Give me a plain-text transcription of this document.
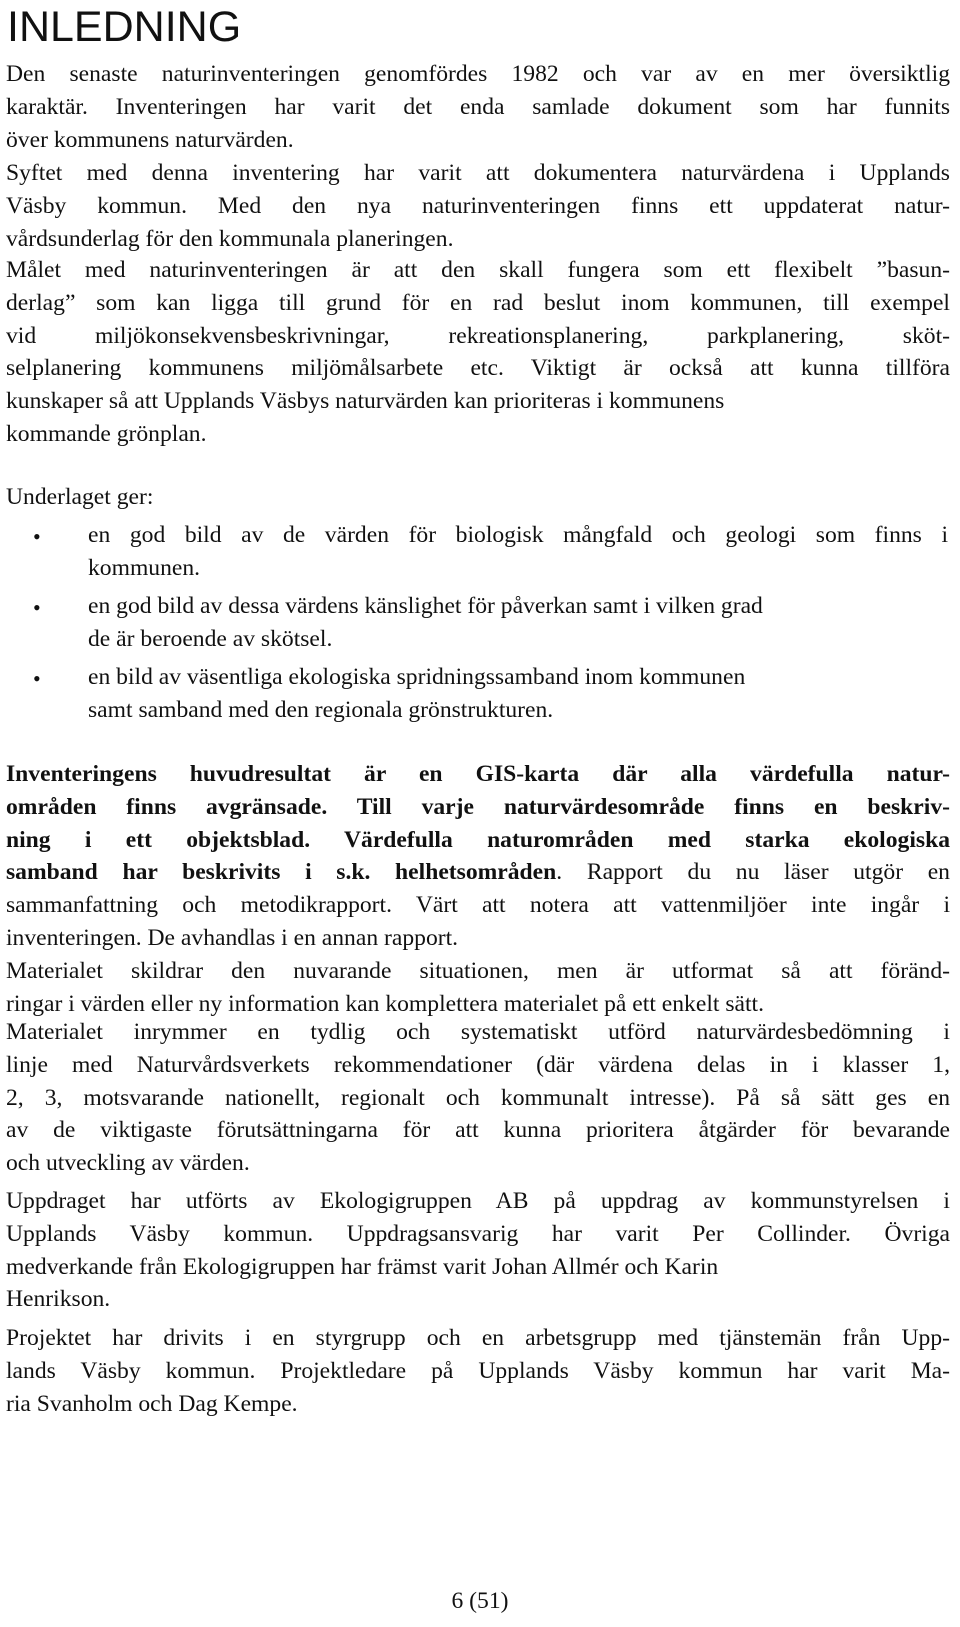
INLEDNING
Den senaste naturinventeringen genomfördes 1982 och var av en mer översiktlig
karaktär. Inventeringen har varit det enda samlade dokument som har funnits
över kommunens naturvärden.
Syftet med denna inventering har varit att dokumentera naturvärdena i Upplands
Väsby kommun. Med den nya naturinventeringen finns ett uppdaterat natur-
vårdsunderlag för den kommunala planeringen.
Målet med naturinventeringen är att den skall fungera som ett flexibelt ”basun-
derlag” som kan ligga till grund för en rad beslut inom kommunen, till exempel
vid miljökonsekvensbeskrivningar, rekreationsplanering, parkplanering, sköt-
selplanering kommunens miljömålsarbete etc. Viktigt är också att kunna tillföra
kunskaper så att Upplands Väsbys naturvärden kan prioriteras i kommunens
kommande grönplan.
Underlaget ger:
• en god bild av de värden för biologisk mångfald och geologi som finns i
kommunen.
• en god bild av dessa värdens känslighet för påverkan samt i vilken grad
de är beroende av skötsel.
• en bild av väsentliga ekologiska spridningssamband inom kommunen
samt samband med den regionala grönstrukturen.
Inventeringens huvudresultat är en GIS-karta där alla värdefulla natur-
områden finns avgränsade. Till varje naturvärdesområde finns en beskriv-
ning i ett objektsblad. Värdefulla naturområden med starka ekologiska
samband har beskrivits i s.k. helhetsområden. Rapport du nu läser utgör en
sammanfattning och metodikrapport. Värt att notera att vattenmiljöer inte ingår i
inventeringen. De avhandlas i en annan rapport.
Materialet skildrar den nuvarande situationen, men är utformat så att föränd-
ringar i värden eller ny information kan komplettera materialet på ett enkelt sätt.
Materialet inrymmer en tydlig och systematiskt utförd naturvärdesbedömning i
linje med Naturvårdsverkets rekommendationer (där värdena delas in i klasser 1,
2, 3, motsvarande nationellt, regionalt och kommunalt intresse). På så sätt ges en
av de viktigaste förutsättningarna för att kunna prioritera åtgärder för bevarande
och utveckling av värden.
Uppdraget har utförts av Ekologigruppen AB på uppdrag av kommunstyrelsen i
Upplands Väsby kommun. Uppdragsansvarig har varit Per Collinder. Övriga
medverkande från Ekologigruppen har främst varit Johan Allmér och Karin
Henrikson.
Projektet har drivits i en styrgrupp och en arbetsgrupp med tjänstemän från Upp-
lands Väsby kommun. Projektledare på Upplands Väsby kommun har varit Ma-
ria Svanholm och Dag Kempe.
6 (51)
